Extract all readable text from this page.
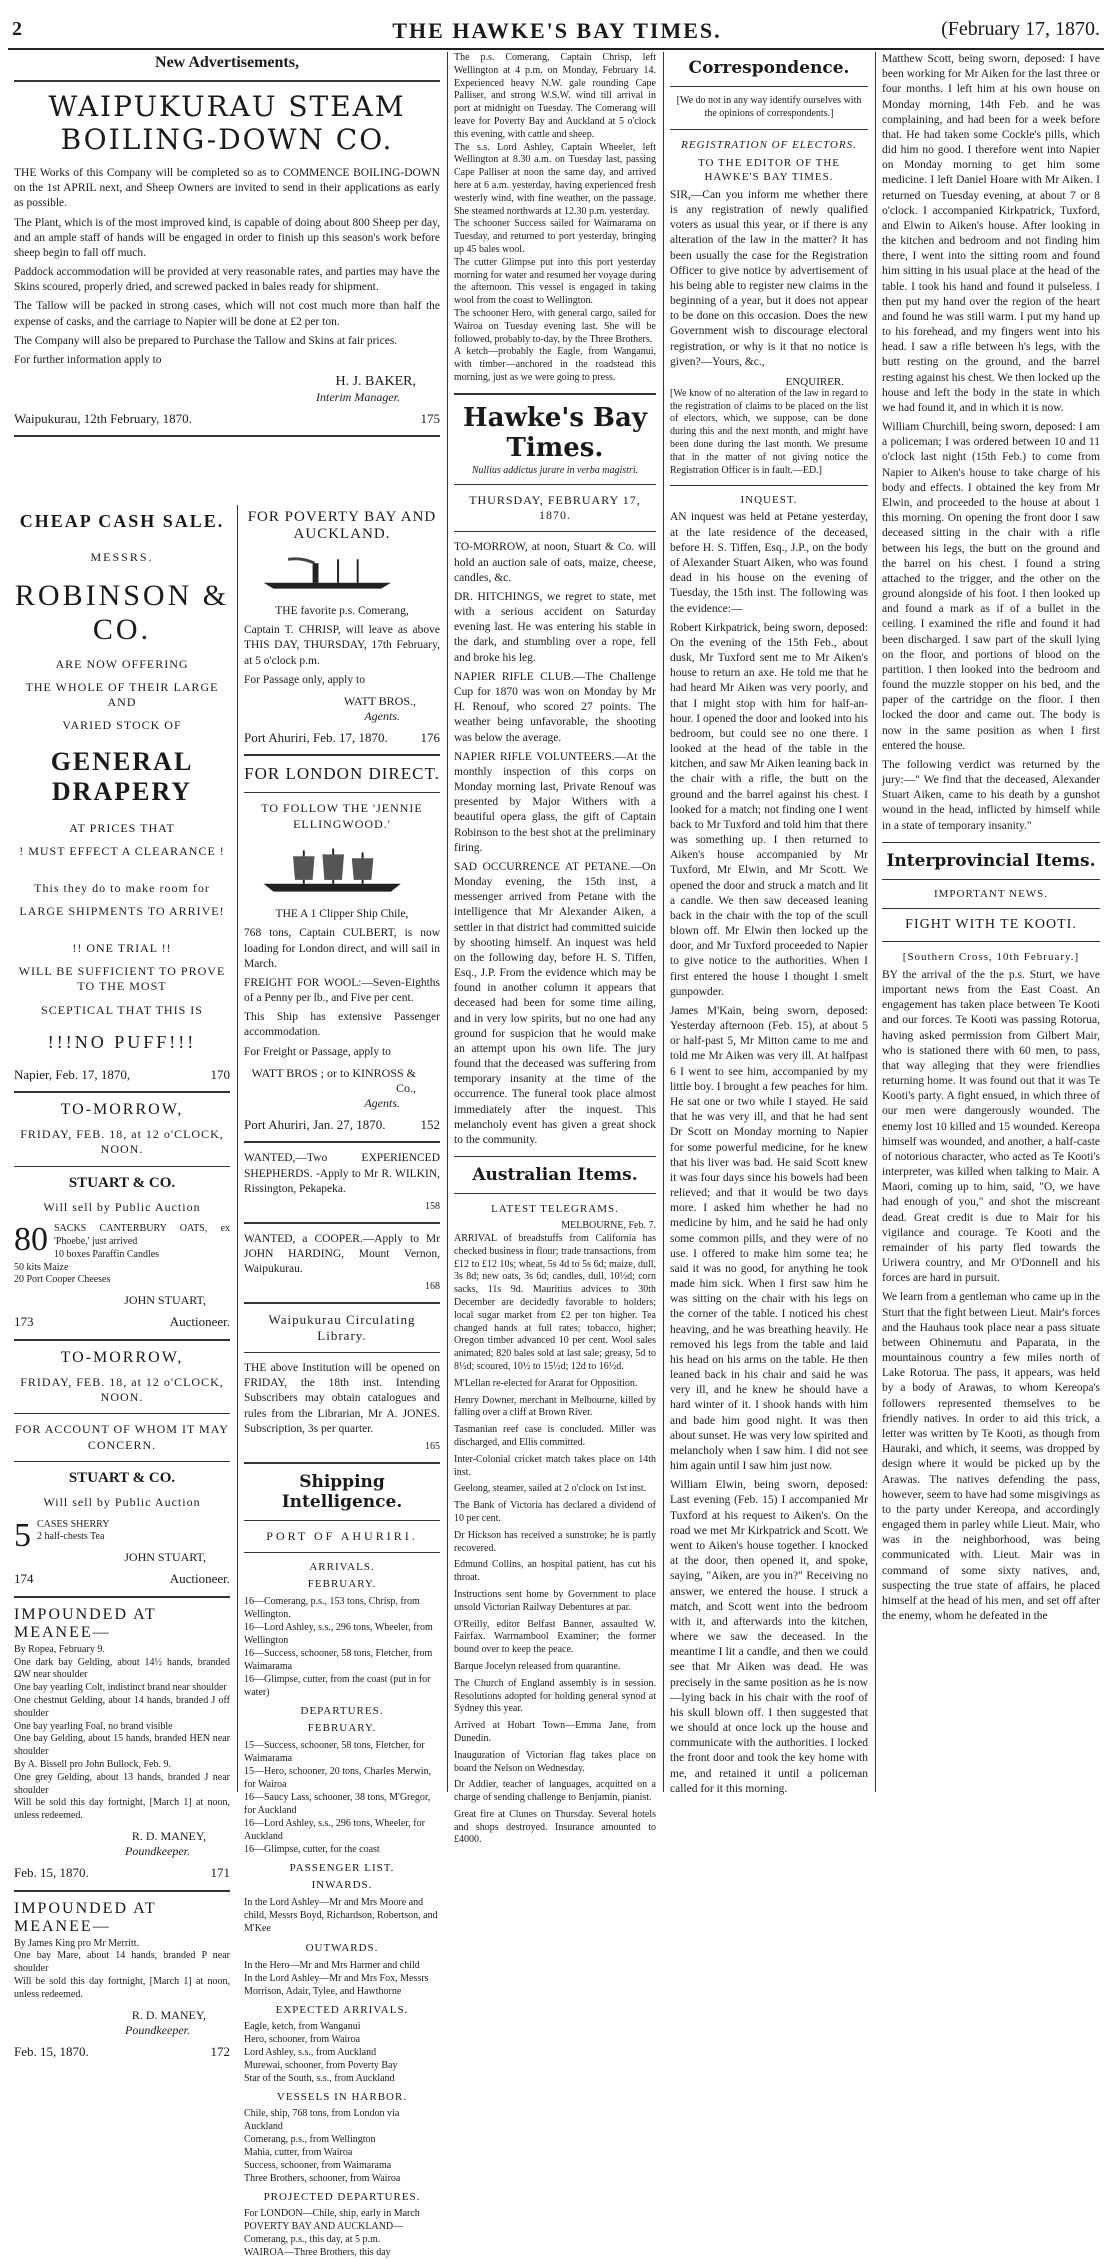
2	THE HAWKE'S BAY TIMES.	(February 17, 1870.
New Advertisements,
WAIPUKURAU STEAM BOILING-DOWN CO.

THE Works of this Company will be completed so as to COMMENCE BOILING-DOWN on the 1st APRIL next, and Sheep Owners are invited to send in their applications as early as possible.

The Plant, which is of the most improved kind, is capable of doing about 800 Sheep per day, and an ample staff of hands will be engaged in order to finish up this season's work before sheep begin to fall off much.

Paddock accommodation will be provided at very reasonable rates, and parties may have the Skins scoured, properly dried, and screwed packed in bales ready for shipment.

The Tallow will be packed in strong cases, which will not cost much more than half the expense of casks, and the carriage to Napier will be done at £2 per ton.

The Company will also be prepared to Purchase the Tallow and Skins at fair prices.

For further information apply to

H. J. BAKER,
Interim Manager.
Waipukurau, 12th February, 1870.	175
CHEAP CASH SALE.
MESSRS.
ROBINSON & CO.
ARE NOW OFFERING
THE WHOLE OF THEIR LARGE AND
VARIED STOCK OF
GENERAL DRAPERY
AT PRICES THAT
! MUST EFFECT A CLEARANCE !
This they do to make room for
LARGE SHIPMENTS TO ARRIVE!
!! ONE TRIAL !!
WILL BE SUFFICIENT TO PROVE TO THE MOST
SCEPTICAL THAT THIS IS
!!!NO PUFF!!!
Napier, Feb. 17, 1870,	170
TO-MORROW,
FRIDAY, FEB. 18, at 12 o'CLOCK, NOON.
STUART & CO.
Will sell by Public Auction
80 SACKS CANTERBURY OATS, ex 'Phoebe,' just arrived
10 boxes Paraffin Candles
50 kits Maize
20 Port Cooper Cheeses

JOHN STUART,
173	Auctioneer.
TO-MORROW,
FRIDAY, FEB. 18, at 12 o'CLOCK, NOON.
FOR ACCOUNT OF WHOM IT MAY CONCERN.
STUART & CO.
Will sell by Public Auction
5 CASES SHERRY
2 half-chests Tea

JOHN STUART,
174	Auctioneer.
IMPOUNDED AT MEANEE—

By Ropea, February 9.
One dark bay Gelding, about 14½ hands, branded ΩW near shoulder
One bay yearling Colt, indistinct brand near shoulder
One chestnut Gelding, about 14 hands, branded J off shoulder
One bay yearling Foal, no brand visible
One bay Gelding, about 15 hands, branded HEN near shoulder
By A. Bissell pro John Bullock, Feb. 9.
One grey Gelding, about 13 hands, branded J near shoulder
Will be sold this day fortnight, [March 1] at noon, unless redeemed.

R. D. MANEY,
Poundkeeper.
Feb. 15, 1870.	171
IMPOUNDED AT MEANEE—

By James King pro Mr Merritt.
One bay Mare, about 14 hands, branded P near shoulder
Will be sold this day fortnight, [March 1] at noon, unless redeemed.

R. D. MANEY,
Poundkeeper.
Feb. 15, 1870.	172
FOR POVERTY BAY AND AUCKLAND.

THE favorite p.s. Comerang,

Captain T. CHRISP, will leave as above THIS DAY, THURSDAY, 17th February, at 5 o'clock p.m.

For Passage only, apply to

WATT BROS.,
Agents.
Port Ahuriri, Feb. 17, 1870.	176
FOR LONDON DIRECT.
TO FOLLOW THE 'JENNIE ELLINGWOOD.'

THE A 1 Clipper Ship Chile,

768 tons, Captain CULBERT, is now loading for London direct, and will sail in March.

FREIGHT FOR WOOL:—Seven-Eighths of a Penny per lb., and Five per cent.

This Ship has extensive Passenger accommodation.

For Freight or Passage, apply to

WATT BROS ; or to KINROSS & Co.,
Agents.
Port Ahuriri, Jan. 27, 1870.	152

WANTED,—Two EXPERIENCED SHEPHERDS. -Apply to Mr R. WILKIN, Rissington, Pekapeka.

158

WANTED, a COOPER.—Apply to Mr JOHN HARDING, Mount Vernon, Waipukurau.

168
Waipukurau Circulating Library.

THE above Institution will be opened on FRIDAY, the 18th inst. Intending Subscribers may obtain catalogues and rules from the Librarian, Mr A. JONES. Subscription, 3s per quarter.

165
Shipping Intelligence.
PORT OF AHURIRI.
ARRIVALS.
FEBRUARY.
16—Comerang, p.s., 153 tons, Chrisp, from Wellington.
16—Lord Ashley, s.s., 296 tons, Wheeler, from Wellington
16—Success, schooner, 58 tons, Fletcher, from Waimarama
16—Glimpse, cutter, from the coast (put in for water)
DEPARTURES.
FEBRUARY.
15—Success, schooner, 58 tons, Fletcher, for Waimarama
15—Hero, schooner, 20 tons, Charles Merwin, for Wairoa
16—Saucy Lass, schooner, 38 tons, M'Gregor, for Auckland
16—Lord Ashley, s.s., 296 tons, Wheeler, for Auckland
16—Glimpse, cutter, for the coast
PASSENGER LIST.
INWARDS.
In the Lord Ashley—Mr and Mrs Moore and child, Messrs Boyd, Richardson, Robertson, and M'Kee
OUTWARDS.
In the Hero—Mr and Mrs Harmer and child
In the Lord Ashley—Mr and Mrs Fox, Messrs Morrison, Adair, Tylee, and Hawthorne
EXPECTED ARRIVALS.
Eagle, ketch, from Wanganui
Hero, schooner, from Wairoa
Lord Ashley, s.s., from Auckland
Murewai, schooner, from Poverty Bay
Star of the South, s.s., from Auckland
VESSELS IN HARBOR.
Chile, ship, 768 tons, from London via Auckland
Comerang, p.s., from Wellington
Mahia, cutter, from Wairoa
Success, schooner, from Waimarama
Three Brothers, schooner, from Wairoa
PROJECTED DEPARTURES.
For LONDON—Chile, ship, early in March
POVERTY BAY AND AUCKLAND—Comerang, p.s., this day, at 5 p.m.
WAIROA—Three Brothers, this day

The p.s. Comerang, Captain Chrisp, left Wellington at 4 p.m. on Monday, February 14. Experienced heavy N.W. gale rounding Cape Palliser, and strong W.S.W. wind till arrival in port at midnight on Tuesday. The Comerang will leave for Poverty Bay and Auckland at 5 o'clock this evening, with cattle and sheep.
The s.s. Lord Ashley, Captain Wheeler, left Wellington at 8.30 a.m. on Tuesday last, passing Cape Palliser at noon the same day, and arrived here at 6 a.m. yesterday, having experienced fresh westerly wind, with fine weather, on the passage. She steamed northwards at 12.30 p.m. yesterday.
The schooner Success sailed for Waimarama on Tuesday, and returned to port yesterday, bringing up 45 bales wool.
The cutter Glimpse put into this port yesterday morning for water and resumed her voyage during the afternoon. This vessel is engaged in taking wool from the coast to Wellington.
The schooner Hero, with general cargo, sailed for Wairoa on Tuesday evening last. She will be followed, probably to-day, by the Three Brothers.
A ketch—probably the Eagle, from Wanganui, with timber—anchored in the roadstead this morning, just as we were going to press.

Hawke's Bay Times.
Nullius addictus jurare in verba magistri.
THURSDAY, FEBRUARY 17, 1870.

TO-MORROW, at noon, Stuart & Co. will hold an auction sale of oats, maize, cheese, candles, &c.

DR. HITCHINGS, we regret to state, met with a serious accident on Saturday evening last. He was entering his stable in the dark, and stumbling over a rope, fell and broke his leg.

NAPIER RIFLE CLUB.—The Challenge Cup for 1870 was won on Monday by Mr H. Renouf, who scored 27 points. The weather being unfavorable, the shooting was below the average.

NAPIER RIFLE VOLUNTEERS.—At the monthly inspection of this corps on Monday morning last, Private Renouf was presented by Major Withers with a beautiful opera glass, the gift of Captain Robinson to the best shot at the preliminary firing.

SAD OCCURRENCE AT PETANE.—On Monday evening, the 15th inst, a messenger arrived from Petane with the intelligence that Mr Alexander Aiken, a settler in that district had committed suicide by shooting himself. An inquest was held on the following day, before H. S. Tiffen, Esq., J.P. From the evidence which may be found in another column it appears that deceased had been for some time ailing, and in very low spirits, but no one had any ground for suspicion that he would make an attempt upon his own life. The jury found that the deceased was suffering from temporary insanity at the time of the occurrence. The funeral took place almost immediately after the inquest. This melancholy event has given a great shock to the community.

Australian Items.
LATEST TELEGRAMS.
MELBOURNE, Feb. 7.

ARRIVAL of breadstuffs from California has checked business in flour; trade transactions, from £12 to £12 10s; wheat, 5s 4d to 5s 6d; maize, dull, 3s 8d; new oats, 3s 6d; candles, dull, 10½d; corn sacks, 11s 9d. Mauritius advices to 30th December are decidedly favorable to holders; local sugar market from £2 per ton higher. Tea changed hands at full rates; tobacco, higher; Oregon timber advanced 10 per cent. Wool sales animated; 820 bales sold at last sale; greasy, 5d to 8½d; scoured, 10½ to 15½d; 12d to 16½d.

M'Lellan re-elected for Ararat for Opposition.

Henry Downer, merchant in Melbourne, killed by falling over a cliff at Brown River.

Tasmanian reef case is concluded. Miller was discharged, and Ellis committed.

Inter-Colonial cricket match takes place on 14th inst.

Geelong, steamer, sailed at 2 o'clock on 1st inst.

The Bank of Victoria has declared a dividend of 10 per cent.

Dr Hickson has received a sunstroke; he is partly recovered.

Edmund Collins, an hospital patient, has cut his throat.

Instructions sent home by Government to place unsold Victorian Railway Debentures at par.

O'Reilly, editor Belfast Banner, assaulted W. Fairfax. Warrnambool Examiner; the former bound over to keep the peace.

Barque Jocelyn released from quarantine.

The Church of England assembly is in session. Resolutions adopted for holding general synod at Sydney this year.

Arrived at Hobart Town—Emma Jane, from Dunedin.

Inauguration of Victorian flag takes place on board the Nelson on Wednesday.

Dr Addier, teacher of languages, acquitted on a charge of sending challenge to Benjamin, pianist.

Great fire at Clunes on Thursday. Several hotels and shops destroyed. Insurance amounted to £4000.

Correspondence.

[We do not in any way identify ourselves with the opinions of correspondents.]

REGISTRATION OF ELECTORS.
TO THE EDITOR OF THE HAWKE'S BAY TIMES.

SIR,—Can you inform me whether there is any registration of newly qualified voters as usual this year, or if there is any alteration of the law in the matter? It has been usually the case for the Registration Officer to give notice by advertisement of his being able to register new claims in the beginning of a year, but it does not appear to be done on this occasion. Does the new Government wish to discourage electoral registration, or why is it that no notice is given?—Yours, &c.,

ENQUIRER.

[We know of no alteration of the law in regard to the registration of claims to be placed on the list of electors, which, we suppose, can be done during this and the next month, and might have been done during the last month. We presume that in the matter of not giving notice the Registration Officer is in fault.—ED.]

INQUEST.

AN inquest was held at Petane yesterday, at the late residence of the deceased, before H. S. Tiffen, Esq., J.P., on the body of Alexander Stuart Aiken, who was found dead in his house on the evening of Tuesday, the 15th inst. The following was the evidence:—

Robert Kirkpatrick, being sworn, deposed: On the evening of the 15th Feb., about dusk, Mr Tuxford sent me to Mr Aiken's house to return an axe. He told me that he had heard Mr Aiken was very poorly, and that I might stop with him for half-an-hour. I opened the door and looked into his bedroom, but could see no one there. I looked at the head of the table in the kitchen, and saw Mr Aiken leaning back in the chair with a rifle, the butt on the ground and the barrel against his chest. I looked for a match; not finding one I went back to Mr Tuxford and told him that there was something up. I then returned to Aiken's house accompanied by Mr Tuxford, Mr Elwin, and Mr Scott. We opened the door and struck a match and lit a candle. We then saw deceased leaning back in the chair with the top of the scull blown off. Mr Elwin then locked up the door, and Mr Tuxford proceeded to Napier to give notice to the authorities. When I first entered the house I thought I smelt gunpowder.

James M'Kain, being sworn, deposed: Yesterday afternoon (Feb. 15), at about 5 or half-past 5, Mr Mitton came to me and told me Mr Aiken was very ill. At halfpast 6 I went to see him, accompanied by my little boy. I brought a few peaches for him. He sat one or two while I stayed. He said that he was very ill, and that he had sent Dr Scott on Monday morning to Napier for some powerful medicine, for he knew that his liver was bad. He said Scott knew it was four days since his bowels had been relieved; and that it would be two days more. I asked him whether he had no medicine by him, and he said he had only some common pills, and they were of no use. I offered to make him some tea; he said it was no good, for anything he took made him sick. When I first saw him he was sitting on the chair with his legs on the corner of the table. I noticed his chest heaving, and he was breathing heavily. He removed his legs from the table and laid his head on his arms on the table. He then leaned back in his chair and said he was very ill, and he knew he should have a hard winter of it. I shook hands with him and bade him good night. It was then about sunset. He was very low spirited and melancholy when I saw him. I did not see him again until I saw him just now.

William Elwin, being sworn, deposed: Last evening (Feb. 15) I accompanied Mr Tuxford at his request to Aiken's. On the road we met Mr Kirkpatrick and Scott. We went to Aiken's house together. I knocked at the door, then opened it, and spoke, saying, "Aiken, are you in?" Receiving no answer, we entered the house. I struck a match, and Scott went into the bedroom with it, and afterwards into the kitchen, where we saw the deceased. In the meantime I lit a candle, and then we could see that Mr Aiken was dead. He was precisely in the same position as he is now—lying back in his chair with the roof of his skull blown off. I then suggested that we should at once lock up the house and communicate with the authorities. I locked the front door and took the key home with me, and retained it until a policeman called for it this morning.

Matthew Scott, being sworn, deposed: I have been working for Mr Aiken for the last three or four months. I left him at his own house on Monday morning, 14th Feb. and he was complaining, and had been for a week before that. He had taken some Cockle's pills, which did him no good. I therefore went into Napier on Monday morning to get him some medicine. I left Daniel Hoare with Mr Aiken. I returned on Tuesday evening, at about 7 or 8 o'clock. I accompanied Kirkpatrick, Tuxford, and Elwin to Aiken's house. After looking in the kitchen and bedroom and not finding him there, I went into the sitting room and found him sitting in his usual place at the head of the table. I took his hand and found it pulseless. I then put my hand over the region of the heart and found he was still warm. I put my hand up to his forehead, and my fingers went into his head. I saw a rifle between h's legs, with the butt resting on the ground, and the barrel resting against his chest. We then locked up the house and left the body in the state in which we had found it, and in which it is now.

William Churchill, being sworn, deposed: I am a policeman; I was ordered between 10 and 11 o'clock last night (15th Feb.) to come from Napier to Aiken's house to take charge of his body and effects. I obtained the key from Mr Elwin, and proceeded to the house at about 1 this morning. On opening the front door I saw deceased sitting in the chair with a rifle between his legs, the butt on the ground and the barrel on his chest. I found a string attached to the trigger, and the other on the ground alongside of his foot. I then looked up and found a mark as if of a bullet in the ceiling. I examined the rifle and found it had been discharged. I saw part of the skull lying on the floor, and portions of blood on the partition. I then looked into the bedroom and found the muzzle stopper on his bed, and the paper of the cartridge on the floor. I then locked the door and came out. The body is now in the same position as when I first entered the house.

The following verdict was returned by the jury:—" We find that the deceased, Alexander Stuart Aiken, came to his death by a gunshot wound in the head, inflicted by himself while in a state of temporary insanity."

Interprovincial Items.
IMPORTANT NEWS.
FIGHT WITH TE KOOTI.
[Southern Cross, 10th February.]

BY the arrival of the the p.s. Sturt, we have important news from the East Coast. An engagement has taken place between Te Kooti and our forces. Te Kooti was passing Rotorua, having asked permission from Gilbert Mair, who is stationed there with 60 men, to pass, that way alleging that they were friendlies returning home. It was found out that it was Te Kooti's party. A fight ensued, in which three of our men were dangerously wounded. The enemy lost 10 killed and 15 wounded. Kereopa himself was wounded, and another, a half-caste of notorious character, who acted as Te Kooti's interpreter, was killed when talking to Mair. A Maori, coming up to him, said, "O, we have had enough of you," and shot the miscreant dead. Great credit is due to Mair for his vigilance and courage. Te Kooti and the remainder of his party fled towards the Uriwera country, and Mr O'Donnell and his forces are hard in pursuit.

We learn from a gentleman who came up in the Sturt that the fight between Lieut. Mair's forces and the Hauhaus took place near a pass situate between Ohinemutu and Paparata, in the mountainous country a few miles north of Lake Rotorua. The pass, it appears, was held by a body of Arawas, to whom Kereopa's followers represented themselves to be friendly natives. In order to aid this trick, a letter was written by Te Kooti, as though from Hauraki, and which, it seems, was dropped by design where it would be picked up by the Arawas. The natives defending the pass, however, seem to have had some misgivings as to the party under Kereopa, and accordingly engaged them in parley while Lieut. Mair, who was in the neighborhood, was being communicated with. Lieut. Mair was in command of some sixty natives, and, suspecting the true state of affairs, he placed himself at the head of his men, and set off after the enemy, whom he defeated in the
